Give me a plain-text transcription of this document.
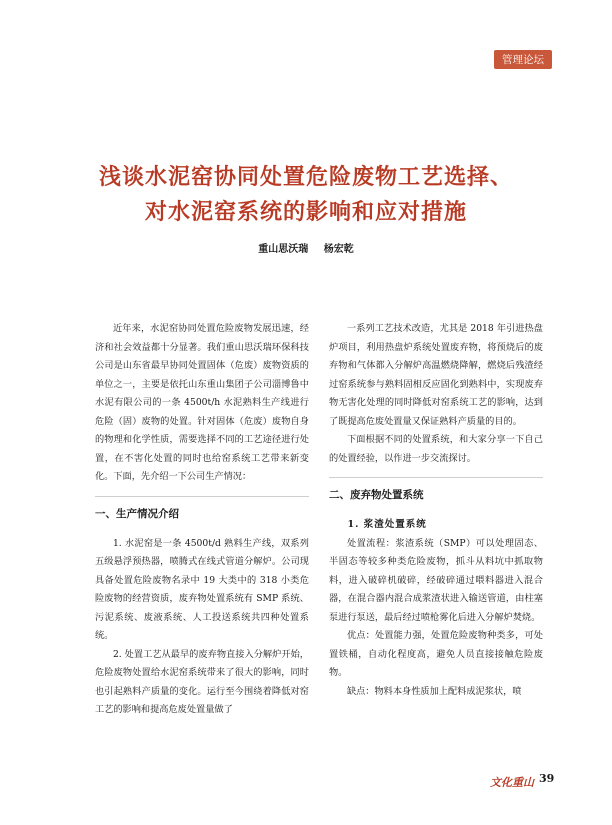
管理论坛
浅谈水泥窑协同处置危险废物工艺选择、
对水泥窑系统的影响和应对措施
重山思沃瑞 杨宏乾

近年来，水泥窑协同处置危险废物发展迅速，经济和社会效益都十分显著。我们重山思沃瑞环保科技公司是山东省最早协同处置固体（危废）废物资质的单位之一，主要是依托山东重山集团子公司淄博鲁中水泥有限公司的一条 4500t/h 水泥熟料生产线进行危险（固）废物的处置。针对固体（危废）废物自身的物理和化学性质，需要选择不同的工艺途径进行处置，在不害化处置的同时也给窑系统工艺带来新变化。下面，先介绍一下公司生产情况：

一、生产情况介绍

1. 水泥窑是一条 4500t/d 熟料生产线，双系列五级悬浮预热器，喷腾式在线式管道分解炉。公司现具备处置危险废物名录中 19 大类中的 318 小类危险废物的经营资质，废弃物处置系统有 SMP 系统、污泥系统、废液系统、人工投送系统共四种处置系统。

2. 处置工艺从最早的废弃物直接入分解炉开始，危险废物处置给水泥窑系统带来了很大的影响，同时也引起熟料产质量的变化。运行至今围绕着降低对窑工艺的影响和提高危废处置量做了

一系列工艺技术改造，尤其是 2018 年引进热盘炉项目，利用热盘炉系统处置废弃物，将预烧后的废弃物和气体都入分解炉高温燃烧降解，燃烧后残渣经过窑系统参与熟料固相反应固化到熟料中，实现废弃物无害化处理的同时降低对窑系统工艺的影响，达到了既提高危废处置量又保证熟料产质量的目的。

下面根据不同的处置系统，和大家分享一下自己的处置经验，以作进一步交流探讨。

二、废弃物处置系统
1. 浆渣处置系统

处置流程：浆渣系统（SMP）可以处理固态、半固态等较多种类危险废物，抓斗从料坑中抓取物料，进入破碎机破碎，经破碎通过喂料器进入混合器，在混合器内混合成浆渣状进入输送管道，由柱塞泵进行泵送，最后经过喷枪雾化后进入分解炉焚烧。

优点：处置能力强，处置危险废物种类多，可处置铁桶，自动化程度高，避免人员直接接触危险废物。

缺点：物料本身性质加上配料成泥浆状，喷

文化重山 39
